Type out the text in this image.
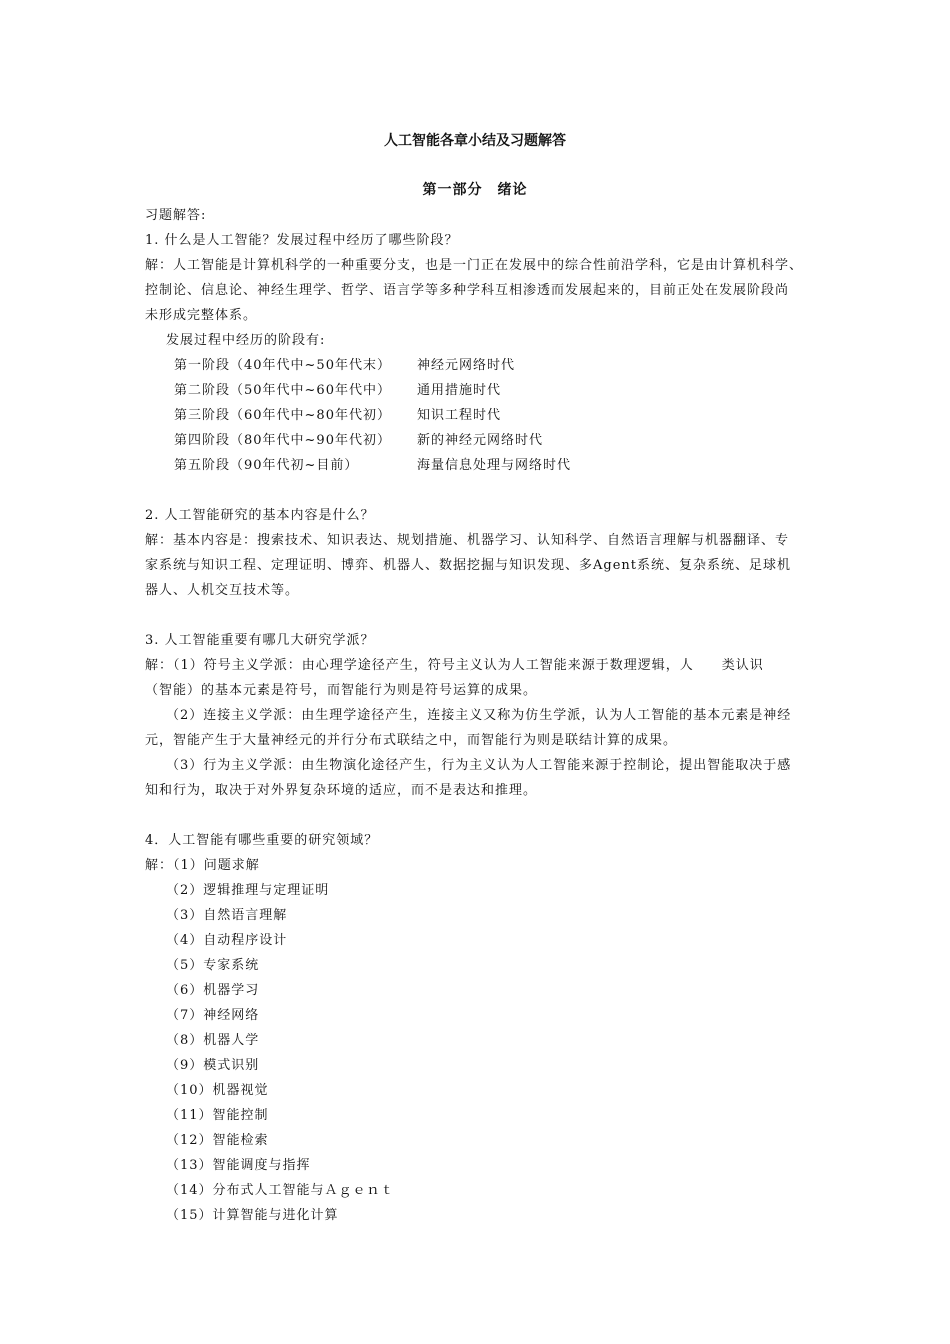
人工智能各章小结及习题解答
第一部分　绪论
习题解答:
1. 什么是人工智能？发展过程中经历了哪些阶段？
解：人工智能是计算机科学的一种重要分支，也是一门正在发展中的综合性前沿学科，它是由计算机科学、
控制论、信息论、神经生理学、哲学、语言学等多种学科互相渗透而发展起来的，目前正处在发展阶段尚
未形成完整体系。
发展过程中经历的阶段有:
第一阶段（40年代中~50年代末）	神经元网络时代
第二阶段（50年代中~60年代中）	通用措施时代
第三阶段（60年代中~80年代初）	知识工程时代
第四阶段（80年代中~90年代初）	新的神经元网络时代
第五阶段（90年代初~目前）	海量信息处理与网络时代
2. 人工智能研究的基本内容是什么？
解：基本内容是：搜索技术、知识表达、规划措施、机器学习、认知科学、自然语言理解与机器翻译、专
家系统与知识工程、定理证明、博弈、机器人、数据挖掘与知识发现、多Agent系统、复杂系统、足球机
器人、人机交互技术等。
3. 人工智能重要有哪几大研究学派？
解：（1）符号主义学派：由心理学途径产生，符号主义认为人工智能来源于数理逻辑，人　　类认识
（智能）的基本元素是符号，而智能行为则是符号运算的成果。
（2）连接主义学派：由生理学途径产生，连接主义又称为仿生学派，认为人工智能的基本元素是神经
元，智能产生于大量神经元的并行分布式联结之中，而智能行为则是联结计算的成果。
（3）行为主义学派：由生物演化途径产生，行为主义认为人工智能来源于控制论，提出智能取决于感
知和行为，取决于对外界复杂环境的适应，而不是表达和推理。
4．人工智能有哪些重要的研究领域？
解：（1）问题求解
（2）逻辑推理与定理证明
（3）自然语言理解
（4）自动程序设计
（5）专家系统
（6）机器学习
（7）神经网络
（8）机器人学
（9）模式识别
（10）机器视觉
（11）智能控制
（12）智能检索
（13）智能调度与指挥
（14）分布式人工智能与Ａｇｅｎｔ
（15）计算智能与进化计算
